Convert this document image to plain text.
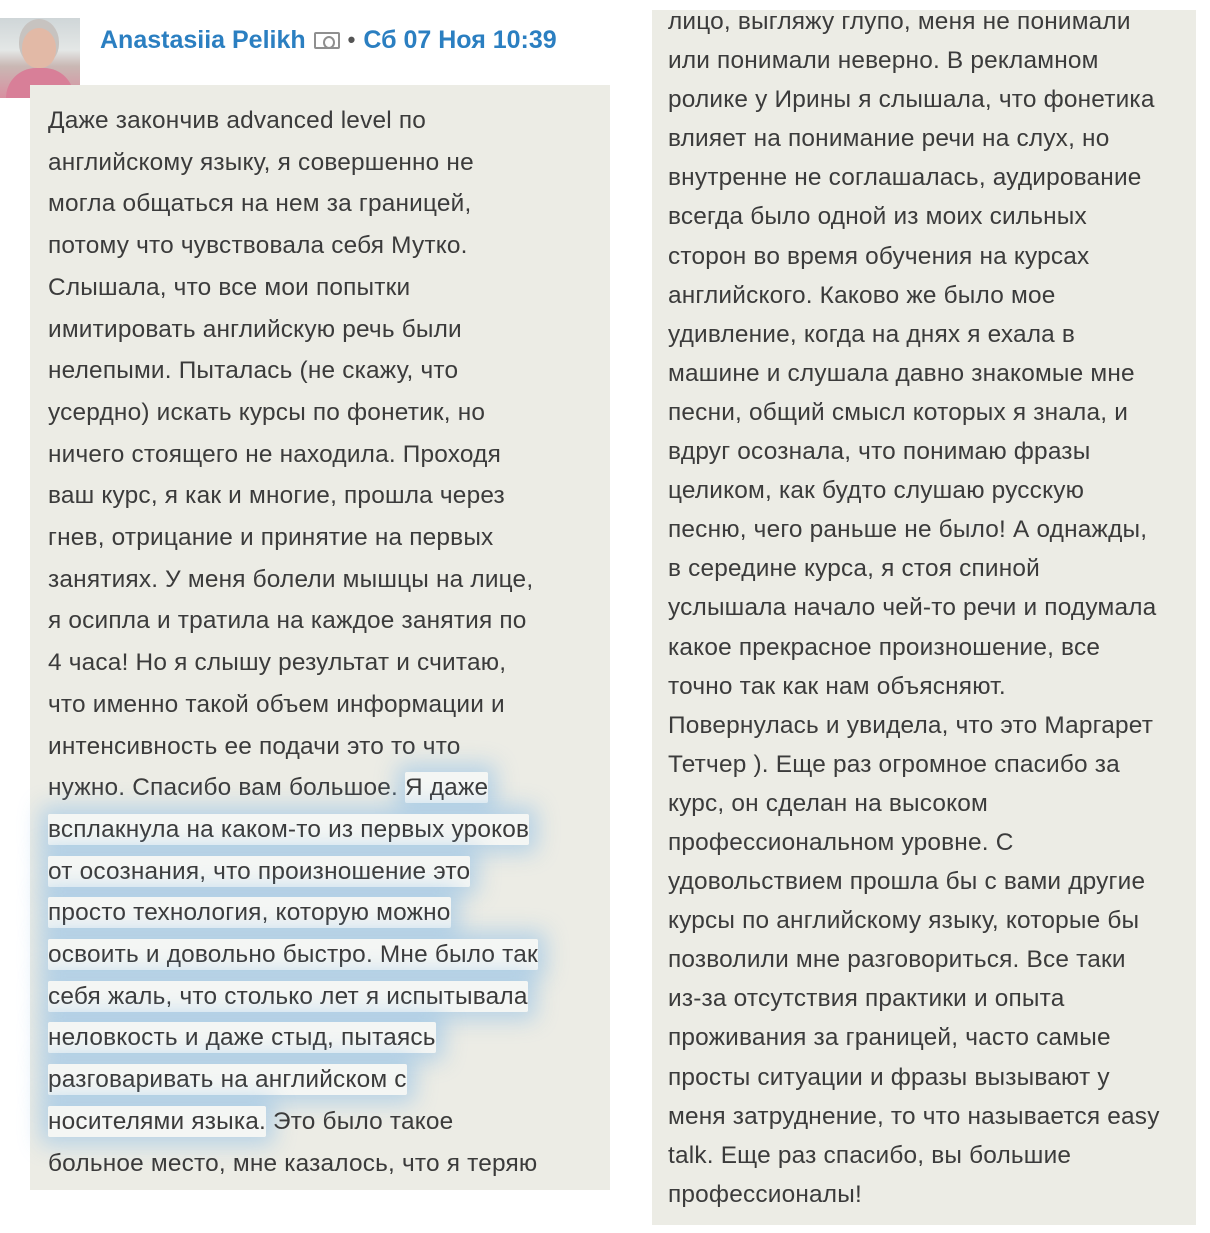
Anastasiia Pelikh • Сб 07 Ноя 10:39
Даже закончив advanced level по
английскому языку, я совершенно не
могла общаться на нем за границей,
потому что чувствовала себя Мутко.
Слышала, что все мои попытки
имитировать английскую речь были
нелепыми. Пыталась (не скажу, что
усердно) искать курсы по фонетик, но
ничего стоящего не находила. Проходя
ваш курс, я как и многие, прошла через
гнев, отрицание и принятие на первых
занятиях. У меня болели мышцы на лице,
я осипла и тратила на каждое занятия по
4 часа! Но я слышу результат и считаю,
что именно такой объем информации и
интенсивность ее подачи это то что
нужно. Спасибо вам большое. Я даже
всплакнула на каком-то из первых уроков
от осознания, что произношение это
просто технология, которую можно
освоить и довольно быстро. Мне было так
себя жаль, что столько лет я испытывала
неловкость и даже стыд, пытаясь
разговаривать на английском с
носителями языка. Это было такое
больное место, мне казалось, что я теряю
лицо, выгляжу глупо, меня не понимали
или понимали неверно. В рекламном
ролике у Ирины я слышала, что фонетика
влияет на понимание речи на слух, но
внутренне не соглашалась, аудирование
всегда было одной из моих сильных
сторон во время обучения на курсах
английского. Каково же было мое
удивление, когда на днях я ехала в
машине и слушала давно знакомые мне
песни, общий смысл которых я знала, и
вдруг осознала, что понимаю фразы
целиком, как будто слушаю русскую
песню, чего раньше не было! А однажды,
в середине курса, я стоя спиной
услышала начало чей-то речи и подумала
какое прекрасное произношение, все
точно так как нам объясняют.
Повернулась и увидела, что это Маргарет
Тетчер ). Еще раз огромное спасибо за
курс, он сделан на высоком
профессиональном уровне. С
удовольствием прошла бы с вами другие
курсы по английскому языку, которые бы
позволили мне разговориться. Все таки
из-за отсутствия практики и опыта
проживания за границей, часто самые
просты ситуации и фразы вызывают у
меня затруднение, то что называется easy
talk. Еще раз спасибо, вы большие
профессионалы!
